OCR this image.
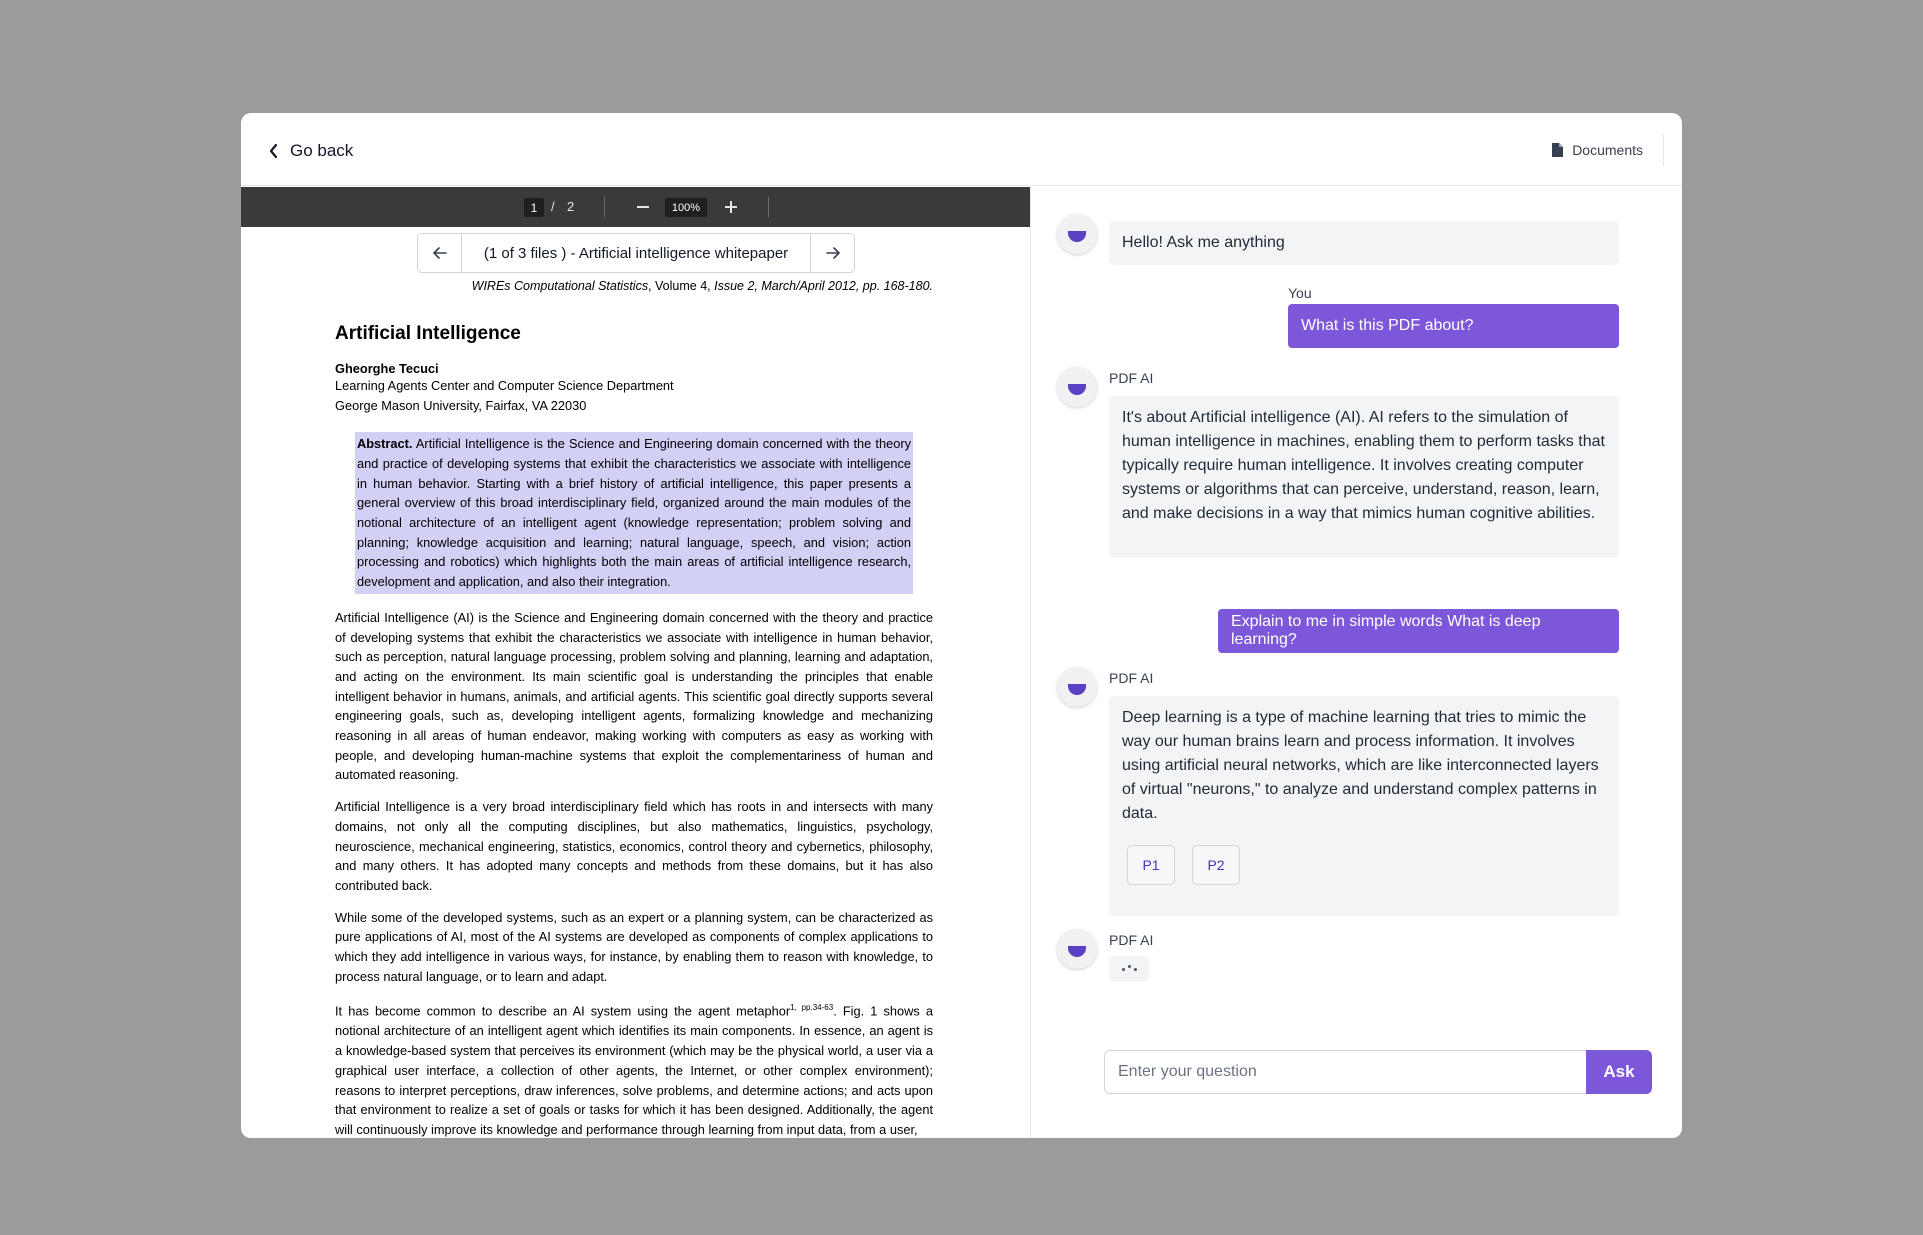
Go back	Documents
1	/ 2	100%
(1 of 3 files ) - Artificial intelligence whitepaper
WIREs Computational Statistics, Volume 4, Issue 2, March/April 2012, pp. 168-180.
Artificial Intelligence
Gheorghe Tecuci
Learning Agents Center and Computer Science Department
George Mason University, Fairfax, VA 22030
Abstract. Artificial Intelligence is the Science and Engineering domain concerned with the theory and practice of developing systems that exhibit the characteristics we associate with intelligence in human behavior. Starting with a brief history of artificial intelligence, this paper presents a general overview of this broad interdisciplinary field, organized around the main modules of the notional architecture of an intelligent agent (knowledge representation; problem solving and planning; knowledge acquisition and learning; natural language, speech, and vision; action processing and robotics) which highlights both the main areas of artificial intelligence research, development and application, and also their integration.
Artificial Intelligence (AI) is the Science and Engineering domain concerned with the theory and practice of developing systems that exhibit the characteristics we associate with intelligence in human behavior, such as perception, natural language processing, problem solving and planning, learning and adaptation, and acting on the environment. Its main scientific goal is understanding the principles that enable intelligent behavior in humans, animals, and artificial agents. This scientific goal directly supports several engineering goals, such as, developing intelligent agents, formalizing knowledge and mechanizing reasoning in all areas of human endeavor, making working with computers as easy as working with people, and developing human-machine systems that exploit the complementariness of human and automated reasoning.
Artificial Intelligence is a very broad interdisciplinary field which has roots in and intersects with many domains, not only all the computing disciplines, but also mathematics, linguistics, psychology, neuroscience, mechanical engineering, statistics, economics, control theory and cybernetics, philosophy, and many others. It has adopted many concepts and methods from these domains, but it has also contributed back.
While some of the developed systems, such as an expert or a planning system, can be characterized as pure applications of AI, most of the AI systems are developed as components of complex applications to which they add intelligence in various ways, for instance, by enabling them to reason with knowledge, to process natural language, or to learn and adapt.
It has become common to describe an AI system using the agent metaphor$^{1, pp.34-63}$. Fig. 1 shows a notional architecture of an intelligent agent which identifies its main components. In essence, an agent is a knowledge-based system that perceives its environment (which may be the physical world, a user via a graphical user interface, a collection of other agents, the Internet, or other complex environment); reasons to interpret perceptions, draw inferences, solve problems, and determine actions; and acts upon that environment to realize a set of goals or tasks for which it has been designed. Additionally, the agent will continuously improve its knowledge and performance through learning from input data, from a user,
Hello! Ask me anything
You
What is this PDF about?
PDF AI
It's about Artificial intelligence (AI). AI refers to the simulation of human intelligence in machines, enabling them to perform tasks that typically require human intelligence. It involves creating computer systems or algorithms that can perceive, understand, reason, learn, and make decisions in a way that mimics human cognitive abilities.
Explain to me in simple words What is deep learning?
PDF AI
Deep learning is a type of machine learning that tries to mimic the way our human brains learn and process information. It involves using artificial neural networks, which are like interconnected layers of virtual "neurons," to analyze and understand complex patterns in data.
P1	P2
PDF AI
Enter your question
Ask
